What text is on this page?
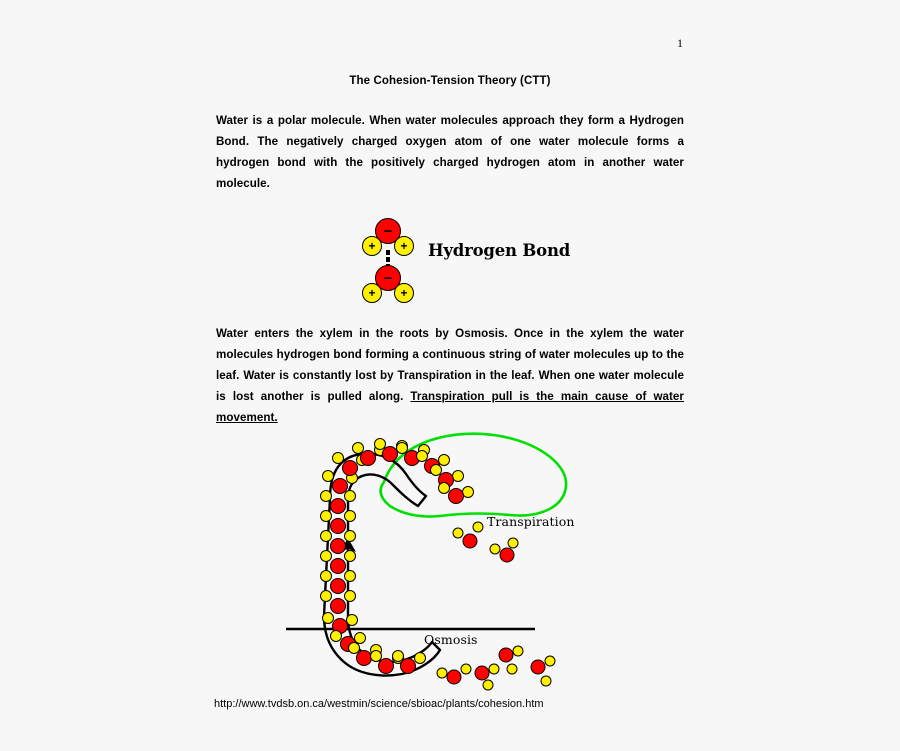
1
The Cohesion-Tension Theory (CTT)
Water is a polar molecule. When water molecules approach they form a Hydrogen Bond. The negatively charged oxygen atom of one water molecule forms a hydrogen bond with the positively charged hydrogen atom in another water molecule.
Water enters the xylem in the roots by Osmosis. Once in the xylem the water molecules hydrogen bond forming a continuous string of water molecules up to the leaf. Water is constantly lost by Transpiration in the leaf. When one water molecule is lost another is pulled along. Transpiration pull is the main cause of water movement.
−
+	+
−
+	+
Hydrogen Bond
Transpiration
Osmosis
http://www.tvdsb.on.ca/westmin/science/sbioac/plants/cohesion.htm
